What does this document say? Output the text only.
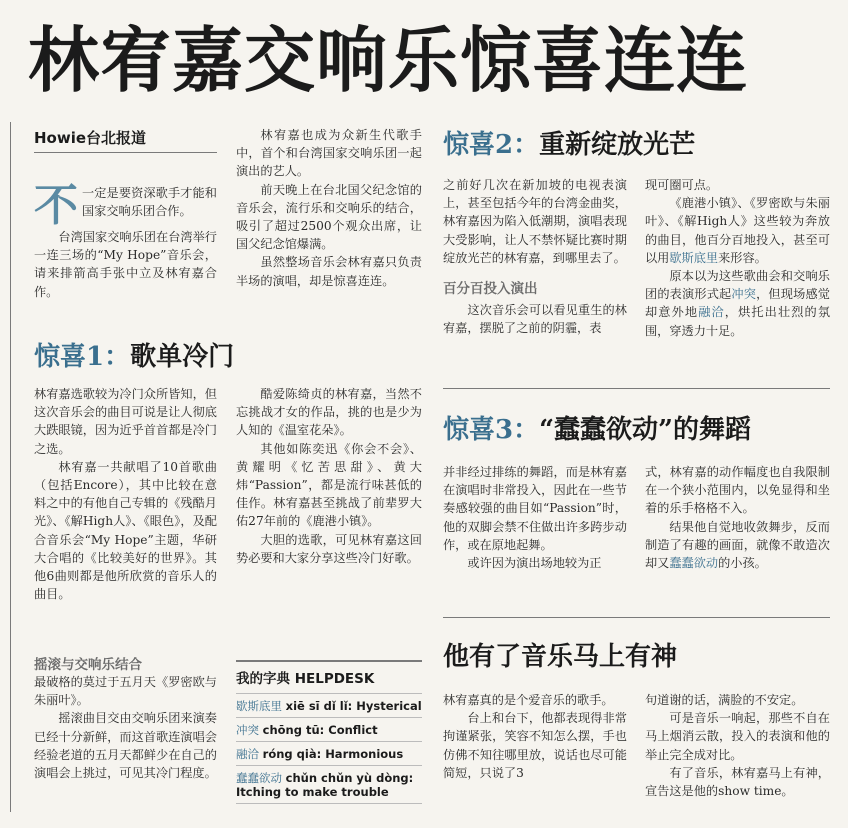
林宥嘉交响乐惊喜连连
Howie台北报道

不一定是要资深歌手才能和国家交响乐团合作。

台湾国家交响乐团在台湾举行一连三场的“My Hope”音乐会，请来排箭高手张中立及林宥嘉合作。

林宥嘉也成为众新生代歌手中，首个和台湾国家交响乐团一起演出的艺人。

前天晚上在台北国父纪念馆的音乐会，流行乐和交响乐的结合，吸引了超过2500个观众出席，让国父纪念馆爆满。

虽然整场音乐会林宥嘉只负责半场的演唱，却是惊喜连连。

惊喜1：歌单冷门

林宥嘉选歌较为冷门众所皆知，但这次音乐会的曲目可说是让人彻底大跌眼镜，因为近乎首首都是冷门之选。

林宥嘉一共献唱了10首歌曲（包括Encore），其中比较在意料之中的有他自己专辑的《残酷月光》、《解High人》、《眼色》，及配合音乐会“My Hope”主题，华研大合唱的《比较美好的世界》。其他6曲则都是他所欣赏的音乐人的曲目。

酷爱陈绮贞的林宥嘉，当然不忘挑战才女的作品，挑的也是少为人知的《温室花朵》。

其他如陈奕迅《你会不会》、黄耀明《忆苦思甜》、黄大炜“Passion”，都是流行味甚低的佳作。林宥嘉甚至挑战了前辈罗大佑27年前的《鹿港小镇》。

大胆的选歌，可见林宥嘉这回势必要和大家分享这些冷门好歌。

摇滚与交响乐结合

最破格的莫过于五月天《罗密欧与朱丽叶》。

摇滚曲目交由交响乐团来演奏已经十分新鲜，而这首歌连演唱会经验老道的五月天都鲜少在自己的演唱会上挑过，可见其冷门程度。

我的字典 HELPDESK
歇斯底里 xiē sī dǐ lǐ: Hysterical
冲突 chōng tū: Conflict
融洽 róng qià: Harmonious
蠢蠢欲动 chǔn chǔn yù dòng:
Itching to make trouble
惊喜2：重新绽放光芒

之前好几次在新加坡的电视表演上，甚至包括今年的台湾金曲奖，林宥嘉因为陷入低潮期，演唱表现大受影响，让人不禁怀疑比赛时期绽放光芒的林宥嘉，到哪里去了。

百分百投入演出

这次音乐会可以看见重生的林宥嘉，摆脱了之前的阴霾，表

现可圈可点。

《鹿港小镇》、《罗密欧与朱丽叶》、《解High人》这些较为奔放的曲目，他百分百地投入，甚至可以用歇斯底里来形容。

原本以为这些歌曲会和交响乐团的表演形式起冲突，但现场感觉却意外地融洽，烘托出壮烈的氛围，穿透力十足。

惊喜3：“蠢蠢欲动”的舞蹈

并非经过排练的舞蹈，而是林宥嘉在演唱时非常投入，因此在一些节奏感较强的曲目如“Passion”时，他的双脚会禁不住做出许多跨步动作，或在原地起舞。

或许因为演出场地较为正

式，林宥嘉的动作幅度也自我限制在一个狭小范围内，以免显得和坐着的乐手格格不入。

结果他自觉地收敛舞步，反而制造了有趣的画面，就像不敢造次却又蠢蠢欲动的小孩。

他有了音乐马上有神

林宥嘉真的是个爱音乐的歌手。

台上和台下，他都表现得非常拘谨紧张，笑容不知怎么摆，手也仿佛不知往哪里放，说话也尽可能简短，只说了3

句道谢的话，满脸的不安定。

可是音乐一响起，那些不自在马上烟消云散，投入的表演和他的举止完全成对比。

有了音乐，林宥嘉马上有神，宣告这是他的show time。
